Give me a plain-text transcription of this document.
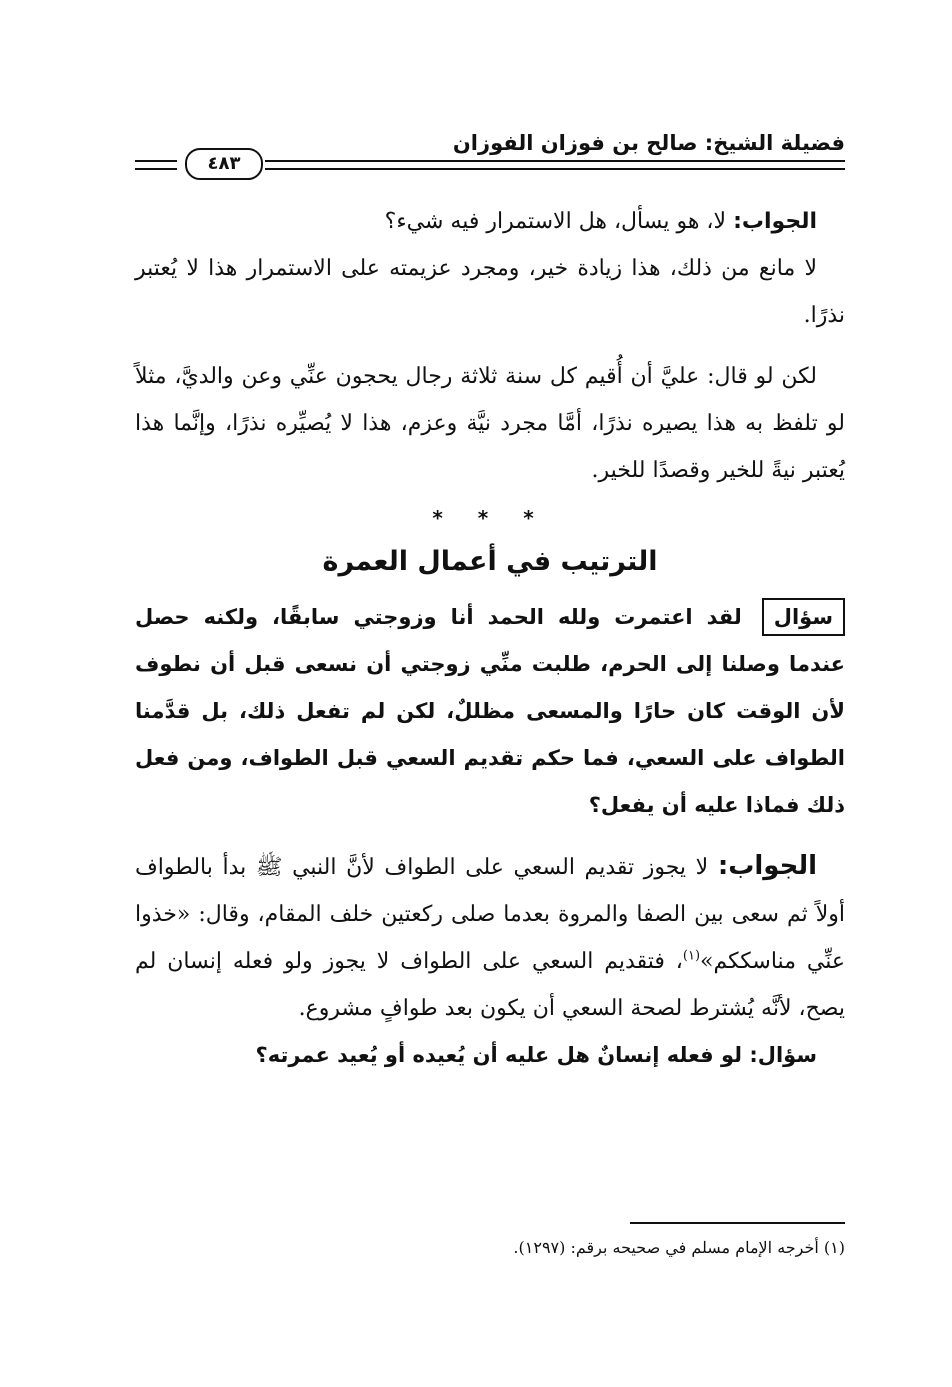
فضيلة الشيخ: صالح بن فوزان الفوزان
٤٨٣

الجواب: لا، هو يسأل، هل الاستمرار فيه شيء؟

لا مانع من ذلك، هذا زيادة خير، ومجرد عزيمته على الاستمرار هذا لا يُعتبر نذرًا.

لكن لو قال: عليَّ أن أُقيم كل سنة ثلاثة رجال يحجون عنِّي وعن والديَّ، مثلاً لو تلفظ به هذا يصيره نذرًا، أمَّا مجرد نيَّة وعزم، هذا لا يُصيِّره نذرًا، وإنَّما هذا يُعتبر نيةً للخير وقصدًا للخير.

* * *
الترتيب في أعمال العمرة

سؤال لقد اعتمرت ولله الحمد أنا وزوجتي سابقًا، ولكنه حصل عندما وصلنا إلى الحرم، طلبت منِّي زوجتي أن نسعى قبل أن نطوف لأن الوقت كان حارًا والمسعى مظللٌ، لكن لم تفعل ذلك، بل قدَّمنا الطواف على السعي، فما حكم تقديم السعي قبل الطواف، ومن فعل ذلك فماذا عليه أن يفعل؟

الجواب: لا يجوز تقديم السعي على الطواف لأنَّ النبي ﷺ بدأ بالطواف أولاً ثم سعى بين الصفا والمروة بعدما صلى ركعتين خلف المقام، وقال: «خذوا عنِّي مناسككم»$^{(١)}$، فتقديم السعي على الطواف لا يجوز ولو فعله إنسان لم يصح، لأنَّه يُشترط لصحة السعي أن يكون بعد طوافٍ مشروع.

سؤال: لو فعله إنسانٌ هل عليه أن يُعيده أو يُعيد عمرته؟

(١) أخرجه الإمام مسلم في صحيحه برقم: (١٢٩٧).
